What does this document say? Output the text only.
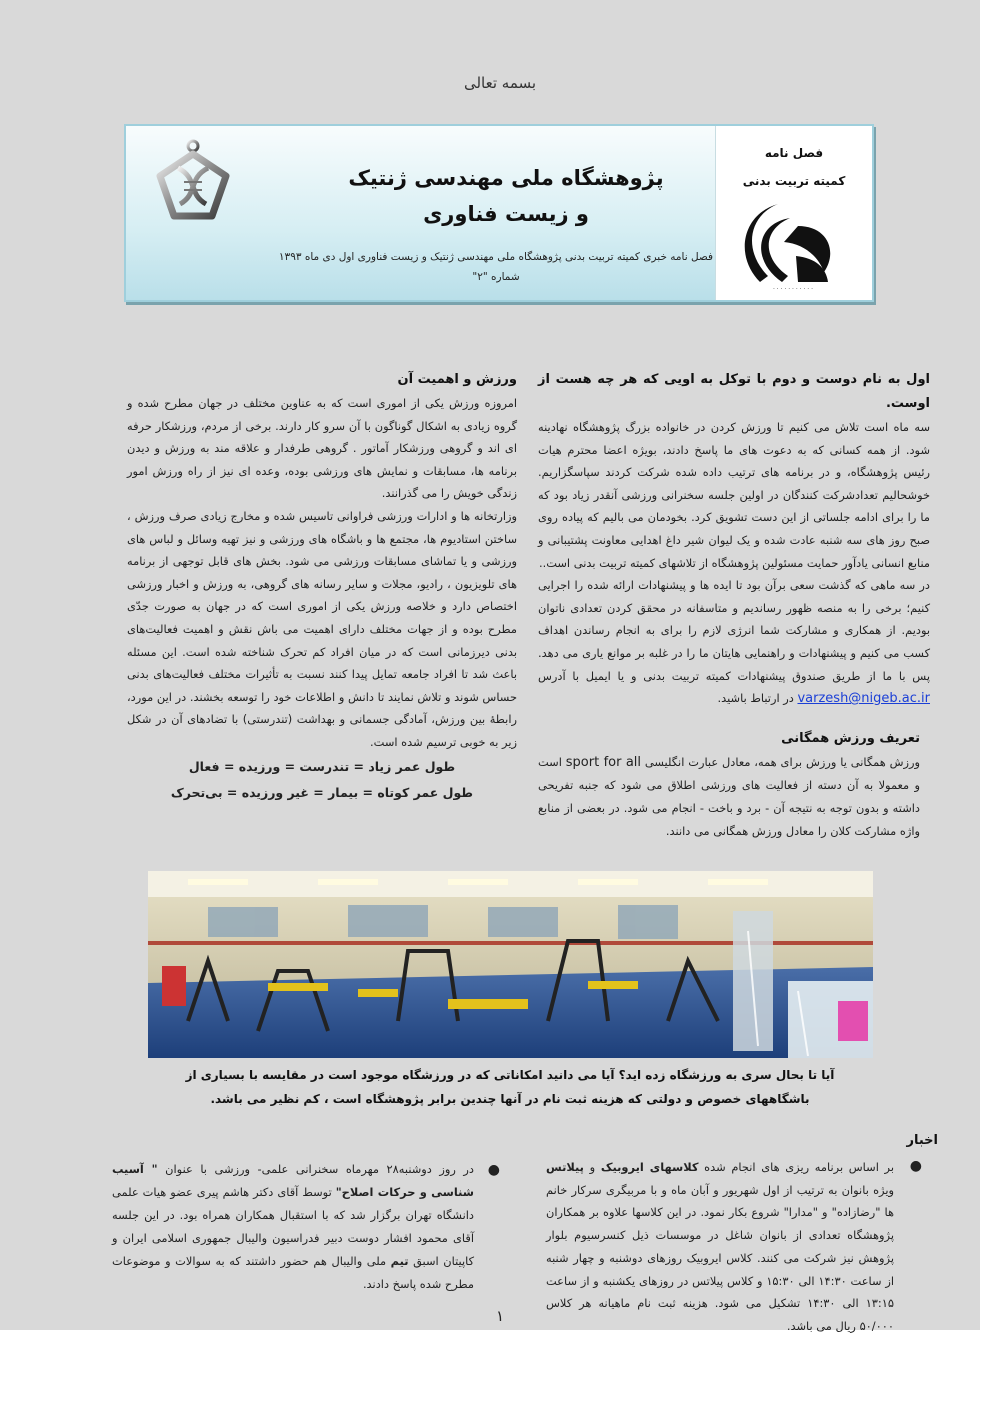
بسمه تعالی
فصل نامه
کمیته تربیت بدنی
· · · · · · · · · · ·
پژوهشگاه ملی مهندسی ژنتیک
و زیست فناوری
فصل نامه خبری کمیته تربیت بدنی پژوهشگاه ملی مهندسی ژنتیک و زیست فناوری اول دی ماه ۱۳۹۳
شماره "۲"

اول به نام دوست و دوم با توکل به اویی که هر چه هست از اوست.

سه ماه است تلاش می کنیم تا ورزش کردن در خانواده بزرگ پژوهشگاه نهادینه شود. از همه کسانی که به دعوت های ما پاسخ دادند، بویژه اعضا محترم هیات رئیس پژوهشگاه، و در برنامه های ترتیب داده شده شرکت کردند سپاسگزاریم. خوشحالیم تعدادشرکت کنندگان در اولین جلسه سخنرانی ورزشی آنقدر زیاد بود که ما را برای ادامه جلساتی از این دست تشویق کرد. بخودمان می بالیم که پیاده روی صبح روز های سه شنبه عادت شده و یک لیوان شیر داغ اهدایی معاونت پشتیبانی و منابع انسانی یادآور حمایت مسئولین پژوهشگاه از تلاشهای کمیته تربیت بدنی است..

در سه ماهی که گذشت سعی برآن بود تا ایده ها و پیشنهادات ارائه شده را اجرایی کنیم؛ برخی را به منصه ظهور رساندیم و متاسفانه در محقق کردن تعدادی ناتوان بودیم. از همکاری و مشارکت شما انرژی لازم را برای به انجام رساندن اهداف کسب می کنیم و پیشنهادات و راهنمایی هایتان ما را در غلبه بر موانع یاری می دهد. پس با ما از طریق صندوق پیشنهادات کمیته تربیت بدنی و یا ایمیل با آدرس varzesh@nigeb.ac.ir در ارتباط باشید.

تعریف ورزش همگانی

ورزش همگانی یا ورزش برای همه، معادل عبارت انگلیسی sport for all است و معمولا به آن دسته از فعالیت های ورزشی اطلاق می شود که جنبه تفریحی داشته و بدون توجه به نتیجه آن - برد و باخت - انجام می شود. در بعضی از منابع واژه مشارکت کلان را معادل ورزش همگانی می دانند.

ورزش و اهمیت آن

امروزه ورزش یکی از اموری است که به عناوین مختلف در جهان مطرح شده و گروه زیادی به اشکال گوناگون با آن سرو کار دارند. برخی از مردم، ورزشکار حرفه ای اند و گروهی ورزشکار آماتور . گروهی طرفدار و علاقه مند به ورزش و دیدن برنامه ها، مسابقات و نمایش های ورزشی بوده، وعده ای نیز از راه ورزش امور زندگی خویش را می گذرانند.

وزارتخانه ها و ادارات ورزشی فراوانی تاسیس شده و مخارج زیادی صرف ورزش ، ساختن استادیوم ها، مجتمع ها و باشگاه های ورزشی و نیز تهیه وسائل و لباس های ورزشی و یا تماشای مسابقات ورزشی می شود. بخش های قابل توجهی از برنامه های تلویزیون ، رادیو، مجلات و سایر رسانه های گروهی، به ورزش و اخبار ورزشی اختصاص دارد و خلاصه ورزش یکی از اموری است که در جهان به صورت جدّی مطرح بوده و از جهات مختلف دارای اهمیت می باش نقش و اهمیت فعالیت‌های بدنی دیرزمانی است که در میان افراد کم تحرک شناخته شده است. این مسئله باعث شد تا افراد جامعه تمایل پیدا کنند نسبت به تأثیرات مختلف فعالیت‌های بدنی حساس شوند و تلاش نمایند تا دانش و اطلاعات خود را توسعه بخشند. در این مورد، رابطهٔ بین ورزش، آمادگی جسمانی و بهداشت (تندرستی) با تضادهای آن در شکل زیر به خوبی ترسیم شده است.

طول عمر زیاد = تندرست = ورزیده = فعال

طول عمر کوتاه = بیمار = غیر ورزیده = بی‌تحرک

آیا تا بحال سری به ورزشگاه زده اید؟ آیا می دانید امکاناتی که در ورزشگاه موجود است در مقایسه با بسیاری از
باشگاههای خصوص و دولتی که هزینه ثبت نام در آنها چندین برابر پژوهشگاه است ، کم نظیر می باشد.
اخبار
●

بر اساس برنامه ریزی های انجام شده کلاسهای ایروبیک و پیلاتس ویژه بانوان به ترتیب از اول شهریور و آبان ماه و با مربیگری سرکار خانم ها "رضازاده" و "مدارا" شروع بکار نمود. در این کلاسها علاوه بر همکاران پژوهشگاه تعدادی از بانوان شاغل در موسسات ذیل کنسرسیوم بلوار پژوهش نیز شرکت می کنند. کلاس ایروبیک روزهای دوشنبه و چهار شنبه از ساعت ۱۴:۳۰ الی ۱۵:۳۰ و کلاس پیلاتس در روزهای یکشنبه و از ساعت ۱۳:۱۵ الی ۱۴:۳۰ تشکیل می شود. هزینه ثبت نام ماهیانه هر کلاس ۵۰/۰۰۰ ریال می باشد.

●

در روز دوشنبه۲۸ مهرماه سخنرانی علمی- ورزشی با عنوان " آسیب شناسی و حرکات اصلاح" توسط آقای دکتر هاشم پیری عضو هیات علمی دانشگاه تهران برگزار شد که با استقبال همکاران همراه بود. در این جلسه آقای محمود افشار دوست دبیر فدراسیون والیبال جمهوری اسلامی ایران و کاپیتان اسبق تیم ملی والیبال هم حضور داشتند که به سوالات و موضوعات مطرح شده پاسخ دادند.

۱
